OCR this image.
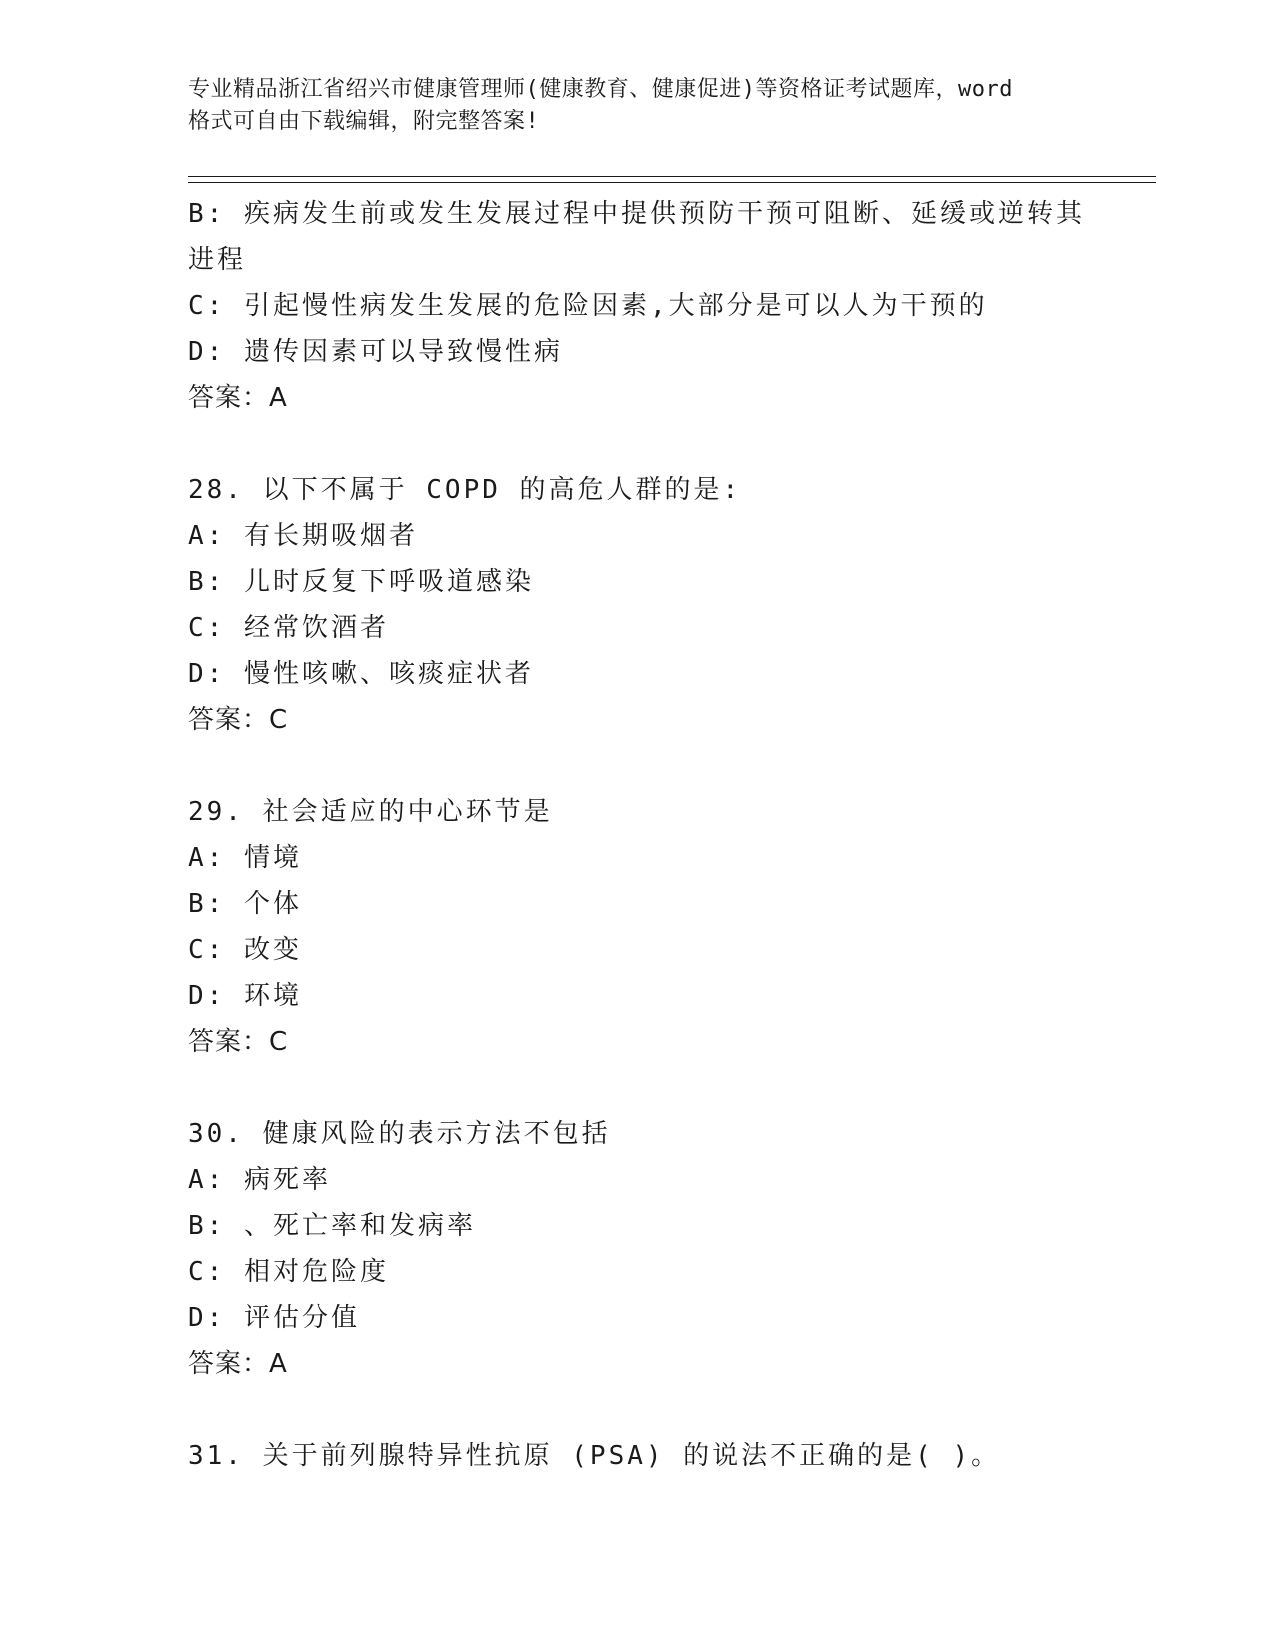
专业精品浙江省绍兴市健康管理师(健康教育、健康促进)等资格证考试题库，word
格式可自由下载编辑，附完整答案!
B: 疾病发生前或发生发展过程中提供预防干预可阻断、延缓或逆转其
进程
C: 引起慢性病发生发展的危险因素,大部分是可以人为干预的
D: 遗传因素可以导致慢性病
答案：A
28. 以下不属于 COPD 的高危人群的是:
A: 有长期吸烟者
B: 儿时反复下呼吸道感染
C: 经常饮酒者
D: 慢性咳嗽、咳痰症状者
答案：C
29. 社会适应的中心环节是
A: 情境
B: 个体
C: 改变
D: 环境
答案：C
30. 健康风险的表示方法不包括
A: 病死率
B: 、死亡率和发病率
C: 相对危险度
D: 评估分值
答案：A
31. 关于前列腺特异性抗原 (PSA) 的说法不正确的是( )。
